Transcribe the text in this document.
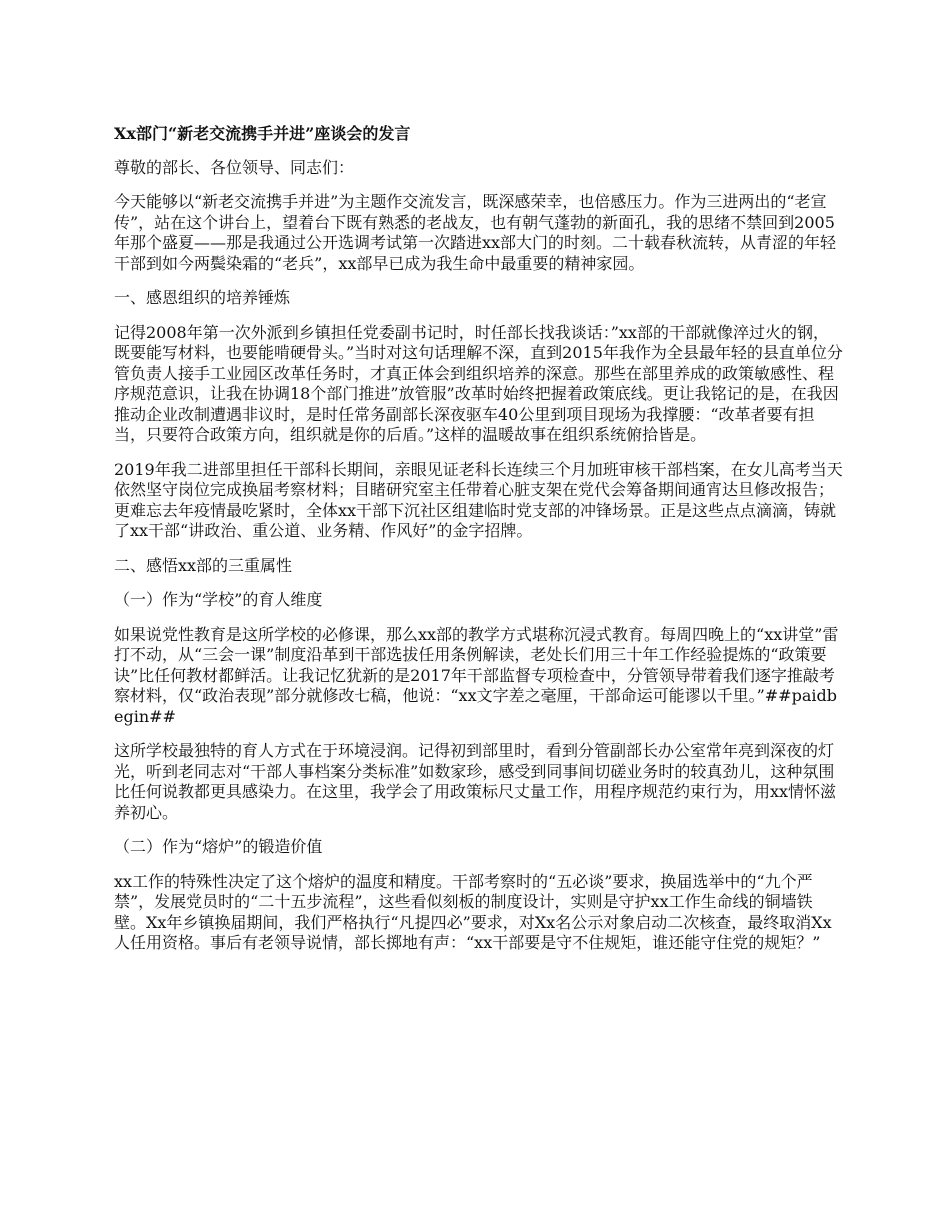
Xx部门“新老交流携手并进”座谈会的发言

尊敬的部长、各位领导、同志们：

今天能够以“新老交流携手并进”为主题作交流发言，既深感荣幸，也倍感压力。作为三进两出的“老宣传”，站在这个讲台上，望着台下既有熟悉的老战友，也有朝气蓬勃的新面孔，我的思绪不禁回到2005年那个盛夏——那是我通过公开选调考试第一次踏进xx部大门的时刻。二十载春秋流转，从青涩的年轻干部到如今两鬓染霜的“老兵”，xx部早已成为我生命中最重要的精神家园。

一、感恩组织的培养锤炼

记得2008年第一次外派到乡镇担任党委副书记时，时任部长找我谈话：”xx部的干部就像淬过火的钢，既要能写材料，也要能啃硬骨头。”当时对这句话理解不深，直到2015年我作为全县最年轻的县直单位分管负责人接手工业园区改革任务时，才真正体会到组织培养的深意。那些在部里养成的政策敏感性、程序规范意识，让我在协调18个部门推进”放管服”改革时始终把握着政策底线。更让我铭记的是，在我因推动企业改制遭遇非议时，是时任常务副部长深夜驱车40公里到项目现场为我撑腰：“改革者要有担当，只要符合政策方向，组织就是你的后盾。”这样的温暖故事在组织系统俯拾皆是。

2019年我二进部里担任干部科长期间，亲眼见证老科长连续三个月加班审核干部档案，在女儿高考当天依然坚守岗位完成换届考察材料；目睹研究室主任带着心脏支架在党代会筹备期间通宵达旦修改报告；更难忘去年疫情最吃紧时，全体xx干部下沉社区组建临时党支部的冲锋场景。正是这些点点滴滴，铸就了xx干部“讲政治、重公道、业务精、作风好”的金字招牌。

二、感悟xx部的三重属性

（一）作为“学校”的育人维度

如果说党性教育是这所学校的必修课，那么xx部的教学方式堪称沉浸式教育。每周四晚上的“xx讲堂”雷打不动，从“三会一课”制度沿革到干部选拔任用条例解读，老处长们用三十年工作经验提炼的“政策要诀”比任何教材都鲜活。让我记忆犹新的是2017年干部监督专项检查中，分管领导带着我们逐字推敲考察材料，仅“政治表现”部分就修改七稿，他说：“xx文字差之毫厘，干部命运可能谬以千里。”##paidbegin##

这所学校最独特的育人方式在于环境浸润。记得初到部里时，看到分管副部长办公室常年亮到深夜的灯光，听到老同志对“干部人事档案分类标准”如数家珍，感受到同事间切磋业务时的较真劲儿，这种氛围比任何说教都更具感染力。在这里，我学会了用政策标尺丈量工作，用程序规范约束行为，用xx情怀滋养初心。

（二）作为“熔炉”的锻造价值

xx工作的特殊性决定了这个熔炉的温度和精度。干部考察时的“五必谈”要求，换届选举中的“九个严禁”，发展党员时的“二十五步流程”，这些看似刻板的制度设计，实则是守护xx工作生命线的铜墙铁壁。Xx年乡镇换届期间，我们严格执行“凡提四必”要求，对Xx名公示对象启动二次核查，最终取消Xx人任用资格。事后有老领导说情，部长掷地有声：“xx干部要是守不住规矩，谁还能守住党的规矩？”
